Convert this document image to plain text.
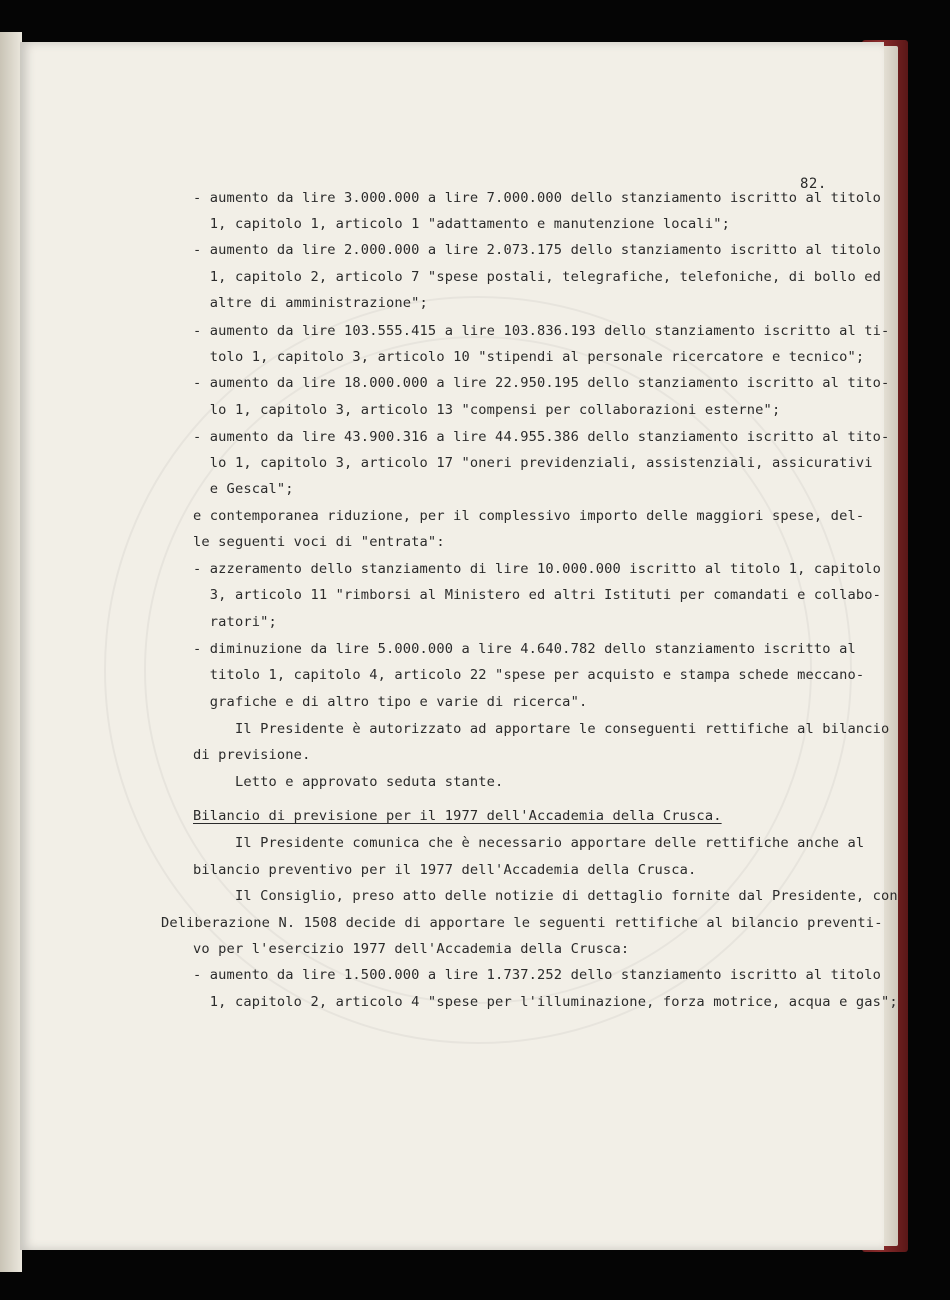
82.
- aumento da lire 3.000.000 a lire 7.000.000 dello stanziamento iscritto al titolo
1, capitolo 1, articolo 1 "adattamento e manutenzione locali";
- aumento da lire 2.000.000 a lire 2.073.175 dello stanziamento iscritto al titolo
1, capitolo 2, articolo 7 "spese postali, telegrafiche, telefoniche, di bollo ed
altre di amministrazione";
- aumento da lire 103.555.415 a lire 103.836.193 dello stanziamento iscritto al ti-
tolo 1, capitolo 3, articolo 10 "stipendi al personale ricercatore e tecnico";
- aumento da lire 18.000.000 a lire 22.950.195 dello stanziamento iscritto al tito-
lo 1, capitolo 3, articolo 13 "compensi per collaborazioni esterne";
- aumento da lire 43.900.316 a lire 44.955.386 dello stanziamento iscritto al tito-
lo 1, capitolo 3, articolo 17 "oneri previdenziali, assistenziali, assicurativi
e Gescal";
e contemporanea riduzione, per il complessivo importo delle maggiori spese, del-
le seguenti voci di "entrata":
- azzeramento dello stanziamento di lire 10.000.000 iscritto al titolo 1, capitolo
3, articolo 11 "rimborsi al Ministero ed altri Istituti per comandati e collabo-
ratori";
- diminuzione da lire 5.000.000 a lire 4.640.782 dello stanziamento iscritto al
titolo 1, capitolo 4, articolo 22 "spese per acquisto e stampa schede meccano-
grafiche e di altro tipo e varie di ricerca".
Il Presidente è autorizzato ad apportare le conseguenti rettifiche al bilancio
di previsione.
Letto e approvato seduta stante.
Bilancio di previsione per il 1977 dell'Accademia della Crusca.
Il Presidente comunica che è necessario apportare delle rettifiche anche al
bilancio preventivo per il 1977 dell'Accademia della Crusca.
Il Consiglio, preso atto delle notizie di dettaglio fornite dal Presidente, con
Deliberazione N. 1508 decide di apportare le seguenti rettifiche al bilancio preventi-
vo per l'esercizio 1977 dell'Accademia della Crusca:
- aumento da lire 1.500.000 a lire 1.737.252 dello stanziamento iscritto al titolo
1, capitolo 2, articolo 4 "spese per l'illuminazione, forza motrice, acqua e gas";
